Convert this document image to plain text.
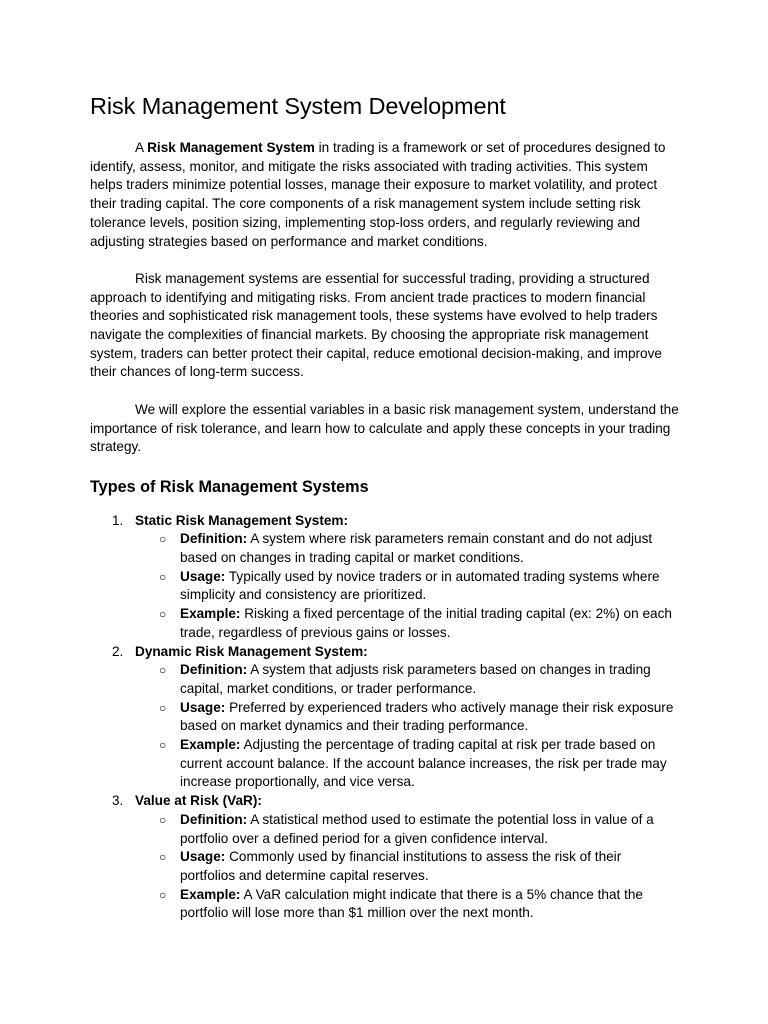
Risk Management System Development

A Risk Management System in trading is a framework or set of procedures designed to identify, assess, monitor, and mitigate the risks associated with trading activities. This system helps traders minimize potential losses, manage their exposure to market volatility, and protect their trading capital. The core components of a risk management system include setting risk tolerance levels, position sizing, implementing stop-loss orders, and regularly reviewing and adjusting strategies based on performance and market conditions.

Risk management systems are essential for successful trading, providing a structured approach to identifying and mitigating risks. From ancient trade practices to modern financial theories and sophisticated risk management tools, these systems have evolved to help traders navigate the complexities of financial markets. By choosing the appropriate risk management system, traders can better protect their capital, reduce emotional decision-making, and improve their chances of long-term success.

We will explore the essential variables in a basic risk management system, understand the importance of risk tolerance, and learn how to calculate and apply these concepts in your trading strategy.

Types of Risk Management Systems
1. Static Risk Management System:
○ Definition: A system where risk parameters remain constant and do not adjust based on changes in trading capital or market conditions.
○ Usage: Typically used by novice traders or in automated trading systems where simplicity and consistency are prioritized.
○ Example: Risking a fixed percentage of the initial trading capital (ex: 2%) on each trade, regardless of previous gains or losses.
2. Dynamic Risk Management System:
○ Definition: A system that adjusts risk parameters based on changes in trading capital, market conditions, or trader performance.
○ Usage: Preferred by experienced traders who actively manage their risk exposure based on market dynamics and their trading performance.
○ Example: Adjusting the percentage of trading capital at risk per trade based on current account balance. If the account balance increases, the risk per trade may increase proportionally, and vice versa.
3. Value at Risk (VaR):
○ Definition: A statistical method used to estimate the potential loss in value of a portfolio over a defined period for a given confidence interval.
○ Usage: Commonly used by financial institutions to assess the risk of their portfolios and determine capital reserves.
○ Example: A VaR calculation might indicate that there is a 5% chance that the portfolio will lose more than $1 million over the next month.
